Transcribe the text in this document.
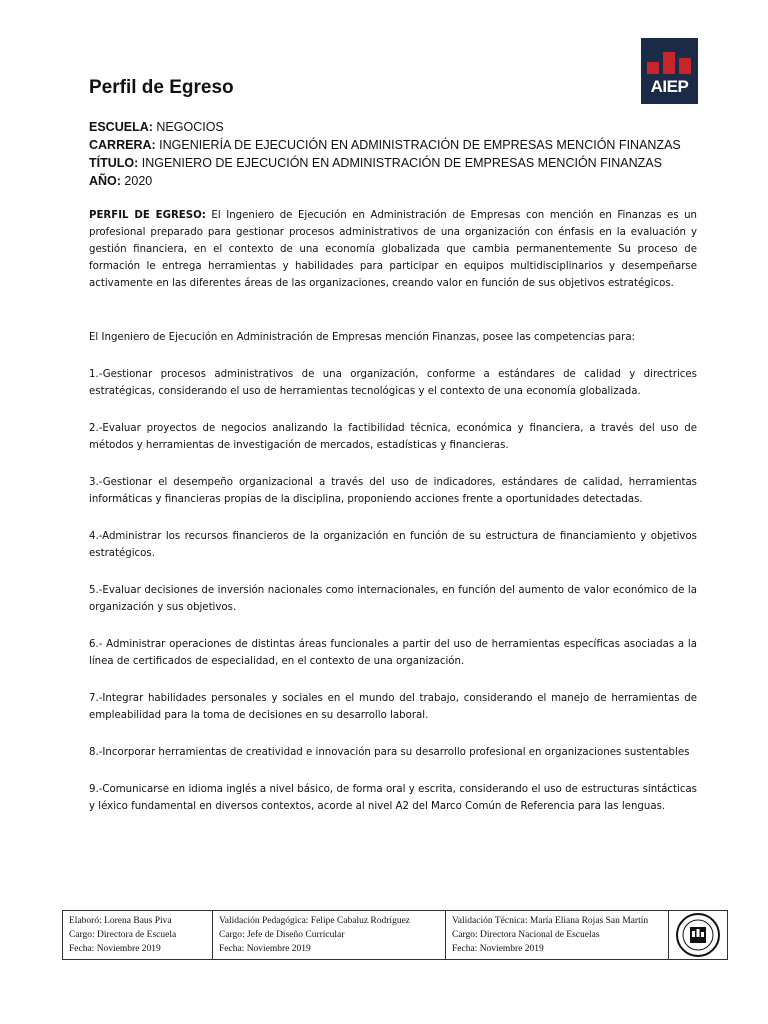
AIEP
Perfil de Egreso
ESCUELA: NEGOCIOS
CARRERA: INGENIERÍA DE EJECUCIÓN EN ADMINISTRACIÓN DE EMPRESAS MENCIÓN FINANZAS
TÍTULO: INGENIERO DE EJECUCIÓN EN ADMINISTRACIÓN DE EMPRESAS MENCIÓN FINANZAS
AÑO: 2020

PERFIL DE EGRESO: El Ingeniero de Ejecución en Administración de Empresas con mención en Finanzas es un profesional preparado para gestionar procesos administrativos de una organización con énfasis en la evaluación y gestión financiera, en el contexto de una economía globalizada que cambia permanentemente Su proceso de formación le entrega herramientas y habilidades para participar en equipos multidisciplinarios y desempeñarse activamente en las diferentes áreas de las organizaciones, creando valor en función de sus objetivos estratégicos.

El Ingeniero de Ejecución en Administración de Empresas mención Finanzas, posee las competencias para:

1.-Gestionar procesos administrativos de una organización, conforme a estándares de calidad y directrices estratégicas, considerando el uso de herramientas tecnológicas y el contexto de una economía globalizada.

2.-Evaluar proyectos de negocios analizando la factibilidad técnica, económica y financiera, a través del uso de métodos y herramientas de investigación de mercados, estadísticas y financieras.

3.-Gestionar el desempeño organizacional a través del uso de indicadores, estándares de calidad, herramientas informáticas y financieras propias de la disciplina, proponiendo acciones frente a oportunidades detectadas.

4.-Administrar los recursos financieros de la organización en función de su estructura de financiamiento y objetivos estratégicos.

5.-Evaluar decisiones de inversión nacionales como internacionales, en función del aumento de valor económico de la organización y sus objetivos.

6.- Administrar operaciones de distintas áreas funcionales a partir del uso de herramientas específicas asociadas a la línea de certificados de especialidad, en el contexto de una organización.

7.-Integrar habilidades personales y sociales en el mundo del trabajo, considerando el manejo de herramientas de empleabilidad para la toma de decisiones en su desarrollo laboral.

8.-Incorporar herramientas de creatividad e innovación para su desarrollo profesional en organizaciones sustentables

9.-Comunicarse en idioma inglés a nivel básico, de forma oral y escrita, considerando el uso de estructuras sintácticas y léxico fundamental en diversos contextos, acorde al nivel A2 del Marco Común de Referencia para las lenguas.

Elaboró: Lorena Baus Piva
Cargo: Directora de Escuela
Fecha: Noviembre 2019
Validación Pedagógica: Felipe Cabaluz Rodríguez
Cargo: Jefe de Diseño Curricular
Fecha: Noviembre 2019
Validación Técnica: María Eliana Rojas San Martín
Cargo: Directora Nacional de Escuelas
Fecha: Noviembre 2019
